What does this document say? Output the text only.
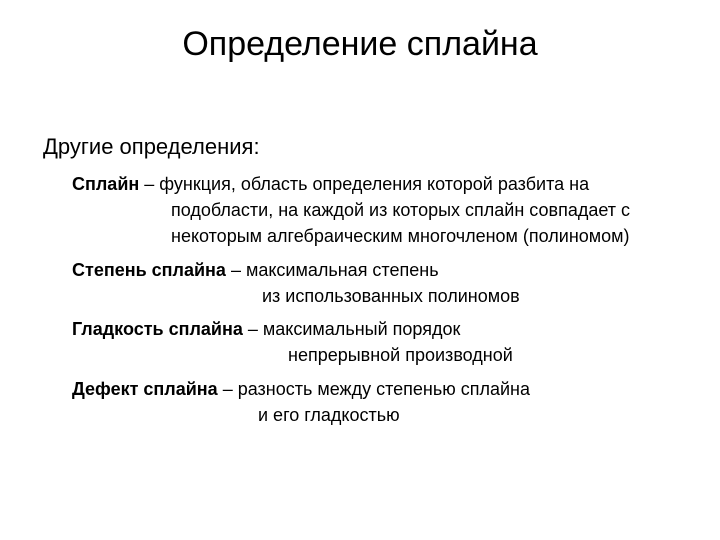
Определение сплайна

Другие определения:

Сплайн – функция, область определения которой разбита на
подобласти, на каждой из которых сплайн совпадает с
некоторым алгебраическим многочленом (полиномом)
Степень сплайна – максимальная степень
из использованных полиномов
Гладкость сплайна – максимальный порядок
непрерывной производной
Дефект сплайна – разность между степенью сплайна
и его гладкостью
